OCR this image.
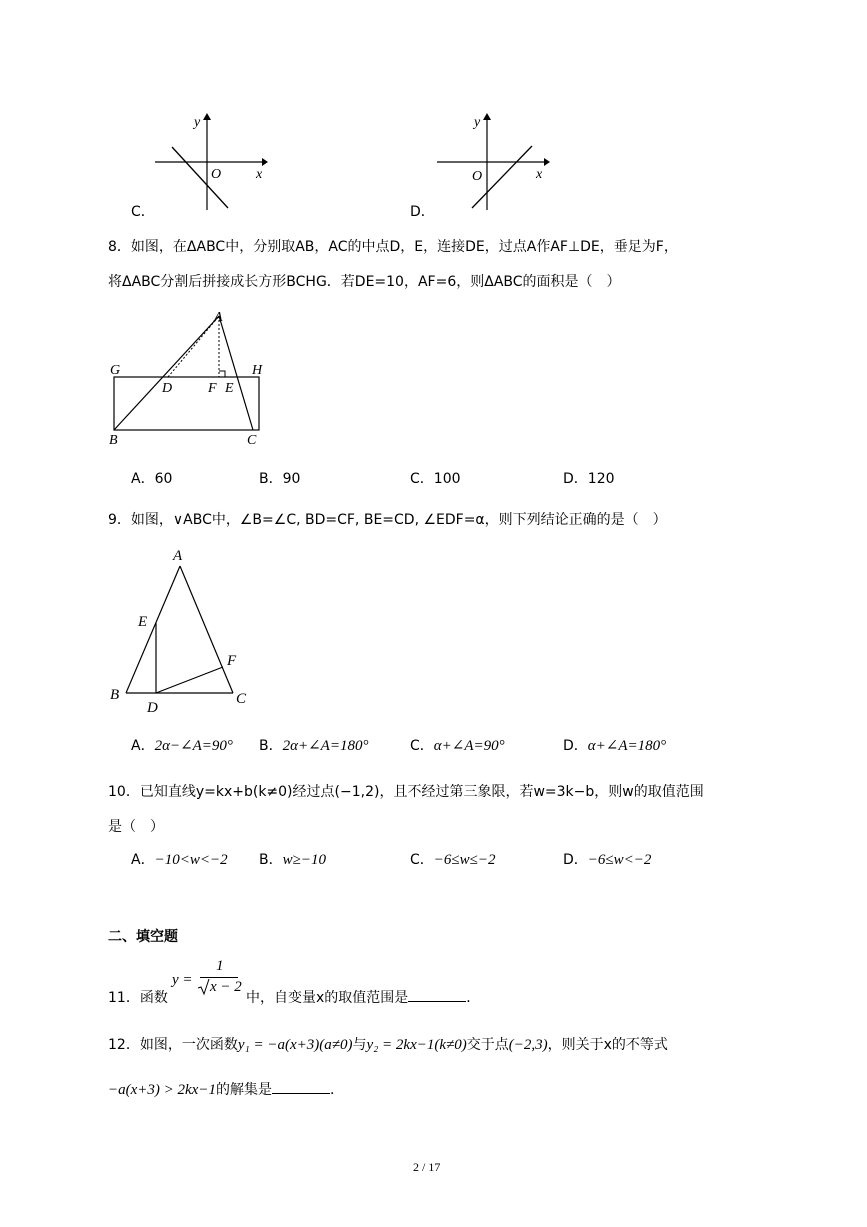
C．
y
x
O
D．
y
x
O
8．如图，在ΔABC中，分别取AB，AC的中点D，E，连接DE，过点A作AF⊥DE，垂足为F，
将ΔABC分割后拼接成长方形BCHG．若DE=10，AF=6，则ΔABC的面积是（　）
A
G	H
D	F E
B	C
A．60	B．90	C．100	D．120
9．如图，∨ABC中，∠B=∠C, BD=CF, BE=CD, ∠EDF=α，则下列结论正确的是（　）
A
E
F
B
D
C
A．2α−∠A=90° B．2α+∠A=180°	C．α+∠A=90°	D．α+∠A=180°
10．已知直线y=kx+b(k≠0)经过点(−1,2)，且不经过第三象限，若w=3k−b，则w的取值范围
是（　）
A．−10<w<−2 B．w≥−10	C．−6≤w≤−2	D．−6≤w<−2
二、填空题
11．函数
y =
1
x − 2
中，自变量x的取值范围是	．
12．如图，一次函数y₁ = −a(x+3)(a≠0)与y₂ = 2kx−1(k≠0)交于点(−2,3)，则关于x的不等式
−a(x+3) > 2kx−1的解集是	．
2 / 17
